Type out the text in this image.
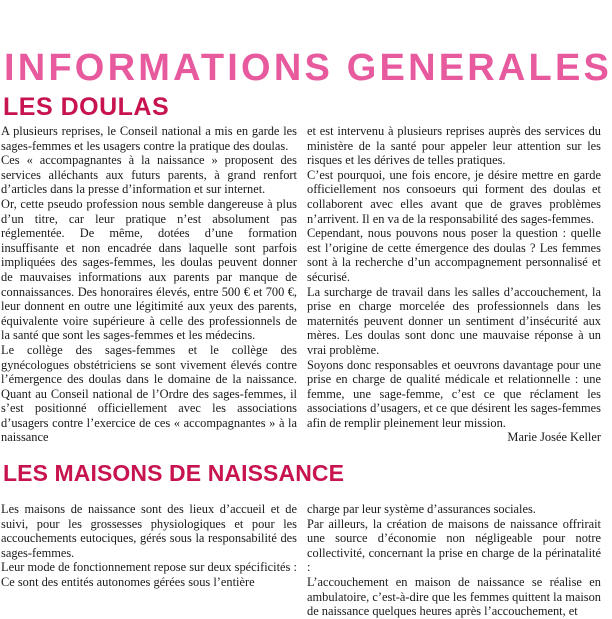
INFORMATIONS GENERALES
LES DOULAS

A plusieurs reprises, le Conseil national a mis en garde les sages-femmes et les usagers contre la pratique des doulas.

Ces « accompagnantes à la naissance » proposent des services alléchants aux futurs parents, à grand renfort d’articles dans la presse d’information et sur internet.

Or, cette pseudo profession nous semble dangereuse à plus d’un titre, car leur pratique n’est absolument pas réglementée. De même, dotées d’une formation insuffisante et non encadrée dans laquelle sont parfois impliquées des sages-femmes, les doulas peuvent donner de mauvaises informations aux parents par manque de connaissances. Des honoraires élevés, entre 500 € et 700 €, leur donnent en outre une légitimité aux yeux des parents, équivalente voire supérieure à celle des professionnels de la santé que sont les sages-femmes et les médecins.

Le collège des sages-femmes et le collège des gynécologues obstétriciens se sont vivement élevés contre l’émergence des doulas dans le domaine de la naissance. Quant au Conseil national de l’Ordre des sages-femmes, il s’est positionné officiellement avec les associations d’usagers contre l’exercice de ces « accompagnantes » à la naissance

et est intervenu à plusieurs reprises auprès des services du ministère de la santé pour appeler leur attention sur les risques et les dérives de telles pratiques.

C’est pourquoi, une fois encore, je désire mettre en garde officiellement nos consoeurs qui forment des doulas et collaborent avec elles avant que de graves problèmes n’arrivent. Il en va de la responsabilité des sages-femmes.

Cependant, nous pouvons nous poser la question : quelle est l’origine de cette émergence des doulas ? Les femmes sont à la recherche d’un accompagnement personnalisé et sécurisé.

La surcharge de travail dans les salles d’accouchement, la prise en charge morcelée des professionnels dans les maternités peuvent donner un sentiment d’insécurité aux mères. Les doulas sont donc une mauvaise réponse à un vrai problème.

Soyons donc responsables et oeuvrons davantage pour une prise en charge de qualité médicale et relationnelle : une femme, une sage-femme, c’est ce que réclament les associations d’usagers, et ce que désirent les sages-femmes afin de remplir pleinement leur mission.

Marie Josée Keller

LES MAISONS DE NAISSANCE

Les maisons de naissance sont des lieux d’accueil et de suivi, pour les grossesses physiologiques et pour les accouchements eutociques, gérés sous la responsabilité des sages-femmes.

Leur mode de fonctionnement repose sur deux spécificités :

Ce sont des entités autonomes gérées sous l’entière

charge par leur système d’assurances sociales.

Par ailleurs, la création de maisons de naissance offrirait une source d’économie non négligeable pour notre collectivité, concernant la prise en charge de la périnatalité :

L’accouchement en maison de naissance se réalise en ambulatoire, c’est-à-dire que les femmes quittent la maison de naissance quelques heures après l’accouchement, et
